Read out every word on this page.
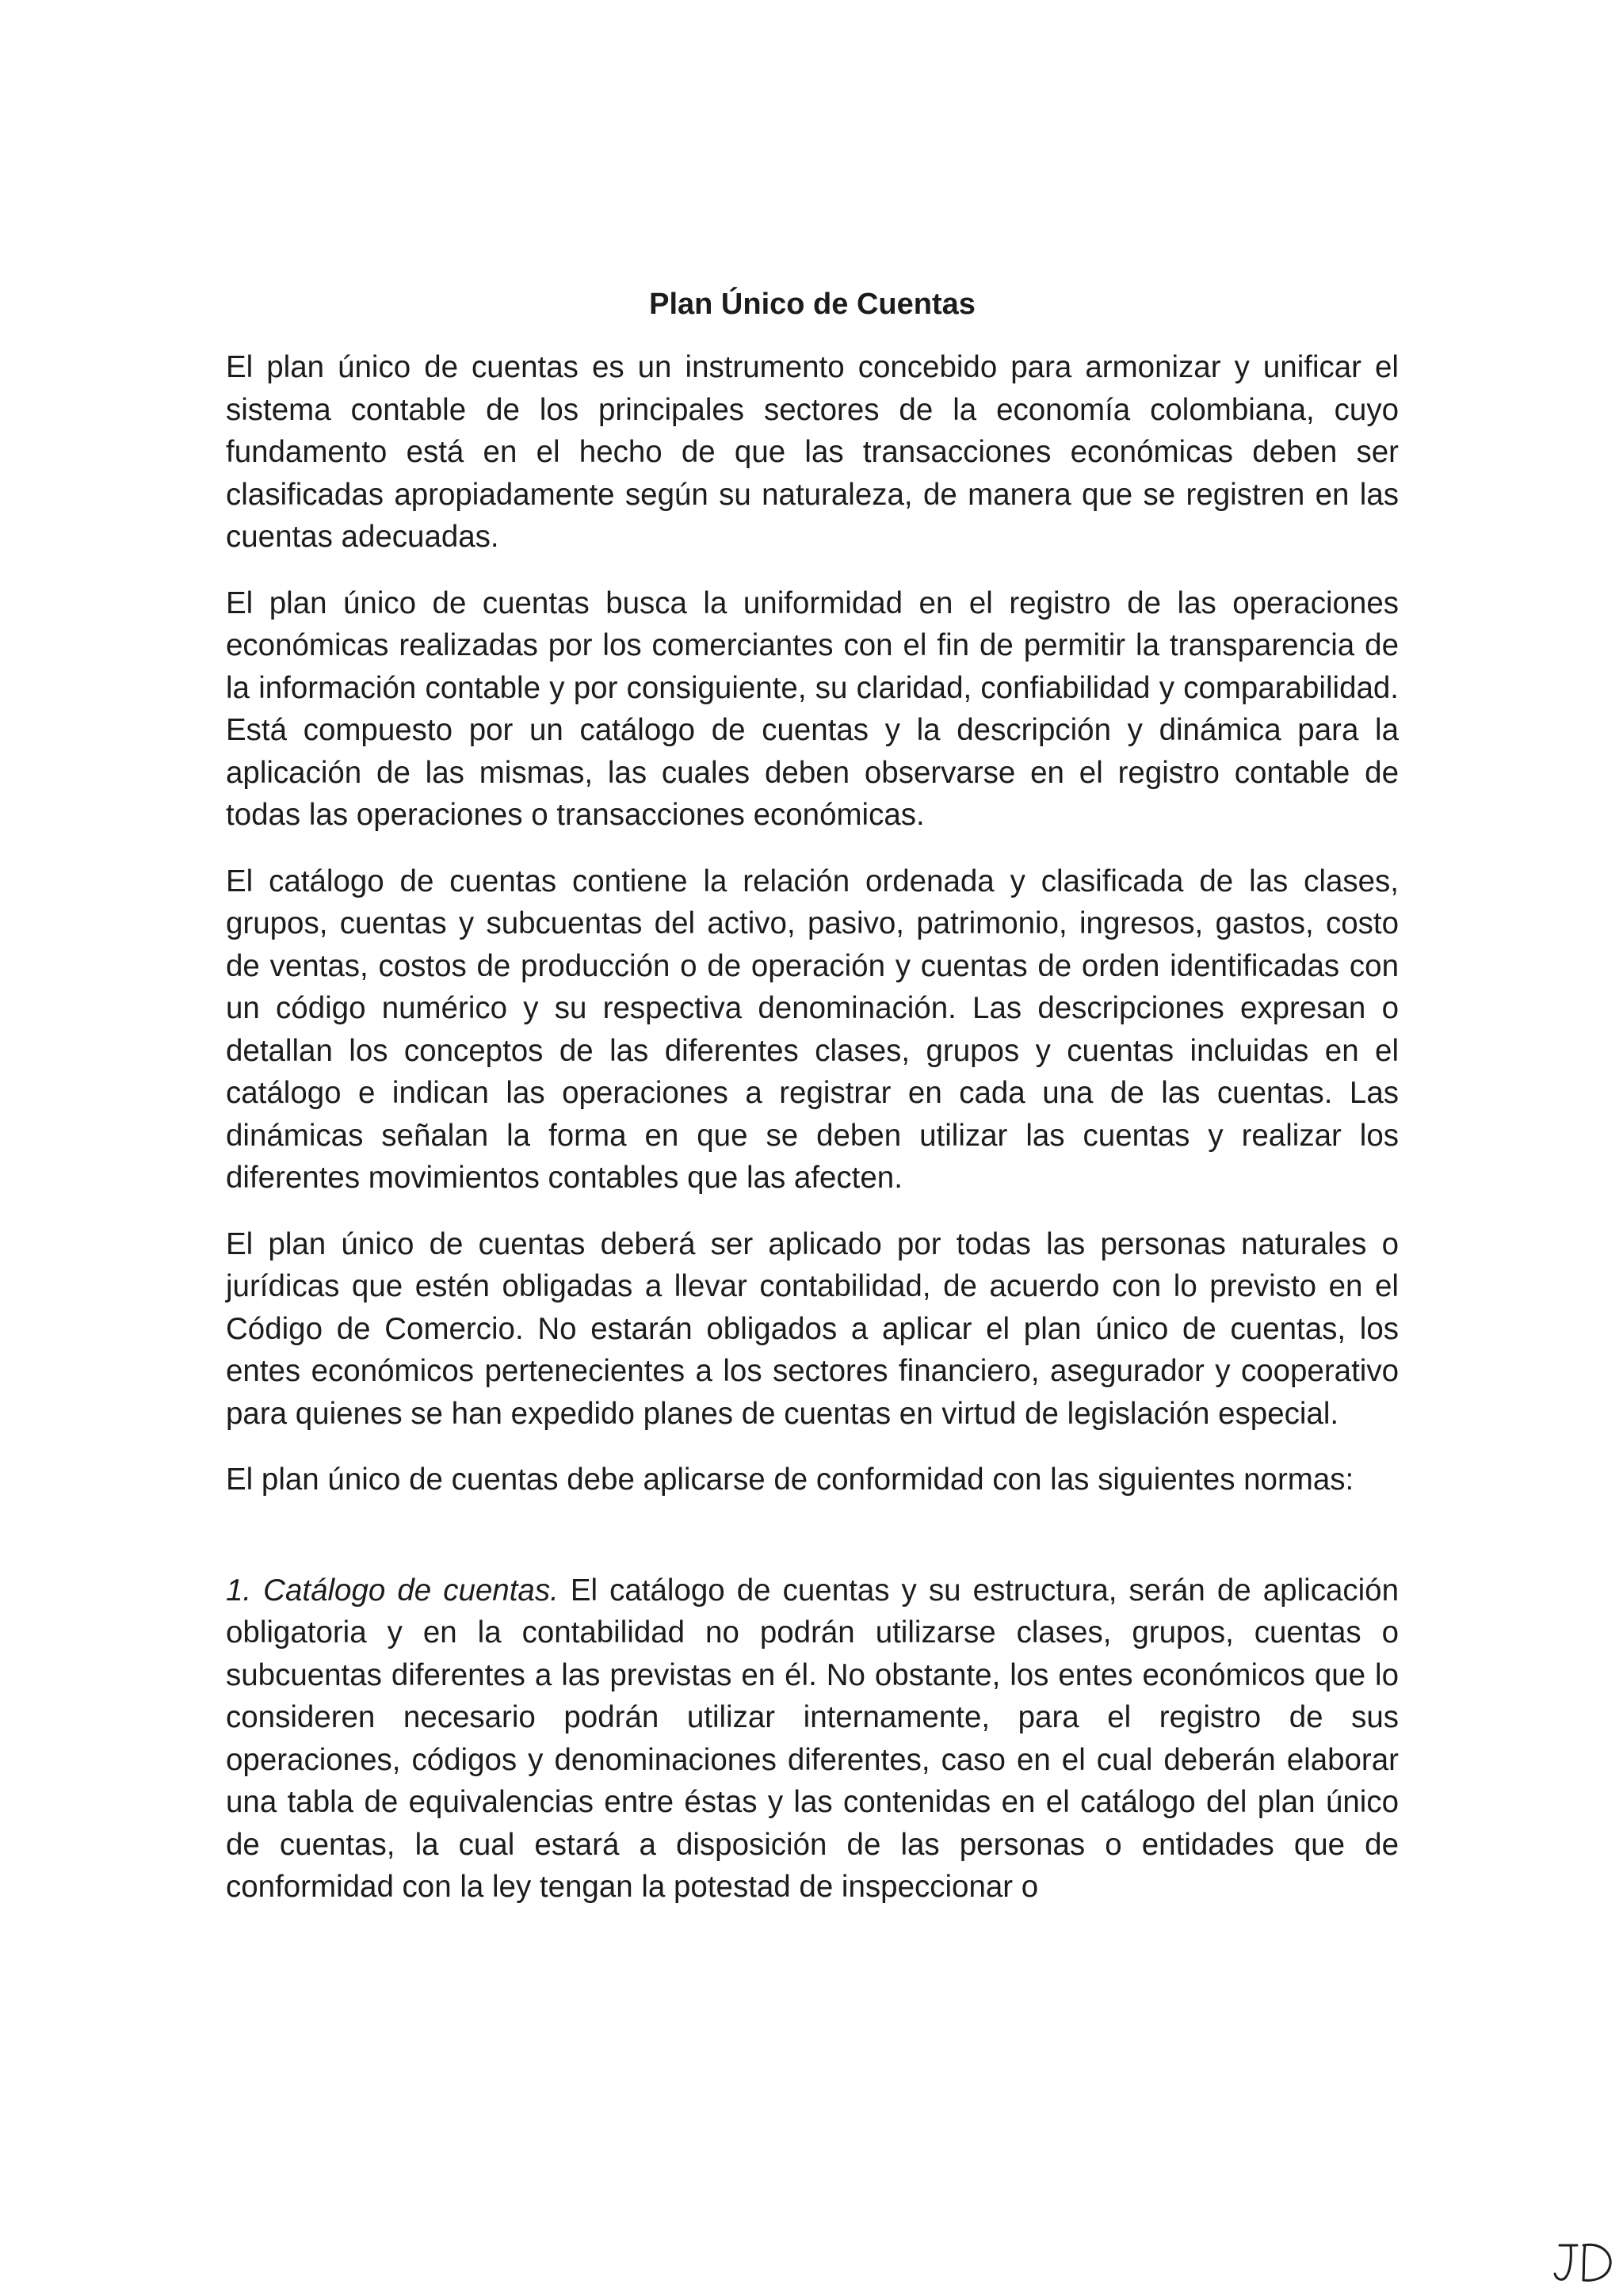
Plan Único de Cuentas

El plan único de cuentas es un instrumento concebido para armonizar y unificar el sistema contable de los principales sectores de la economía colombiana, cuyo fundamento está en el hecho de que las transacciones económicas deben ser clasificadas apropiadamente según su naturaleza, de manera que se registren en las cuentas adecuadas.

El plan único de cuentas busca la uniformidad en el registro de las operaciones económicas realizadas por los comerciantes con el fin de permitir la transparencia de la información contable y por consiguiente, su claridad, confiabilidad y comparabilidad. Está compuesto por un catálogo de cuentas y la descripción y dinámica para la aplicación de las mismas, las cuales deben observarse en el registro contable de todas las operaciones o transacciones económicas.

El catálogo de cuentas contiene la relación ordenada y clasificada de las clases, grupos, cuentas y subcuentas del activo, pasivo, patrimonio, ingresos, gastos, costo de ventas, costos de producción o de operación y cuentas de orden identificadas con un código numérico y su respectiva denominación. Las descripciones expresan o detallan los conceptos de las diferentes clases, grupos y cuentas incluidas en el catálogo e indican las operaciones a registrar en cada una de las cuentas. Las dinámicas señalan la forma en que se deben utilizar las cuentas y realizar los diferentes movimientos contables que las afecten.

El plan único de cuentas deberá ser aplicado por todas las personas naturales o jurídicas que estén obligadas a llevar contabilidad, de acuerdo con lo previsto en el Código de Comercio. No estarán obligados a aplicar el plan único de cuentas, los entes económicos pertenecientes a los sectores financiero, asegurador y cooperativo para quienes se han expedido planes de cuentas en virtud de legislación especial.

El plan único de cuentas debe aplicarse de conformidad con las siguientes normas:

1. Catálogo de cuentas. El catálogo de cuentas y su estructura, serán de aplicación obligatoria y en la contabilidad no podrán utilizarse clases, grupos, cuentas o subcuentas diferentes a las previstas en él. No obstante, los entes económicos que lo consideren necesario podrán utilizar internamente, para el registro de sus operaciones, códigos y denominaciones diferentes, caso en el cual deberán elaborar una tabla de equivalencias entre éstas y las contenidas en el catálogo del plan único de cuentas, la cual estará a disposición de las personas o entidades que de conformidad con la ley tengan la potestad de inspeccionar o
